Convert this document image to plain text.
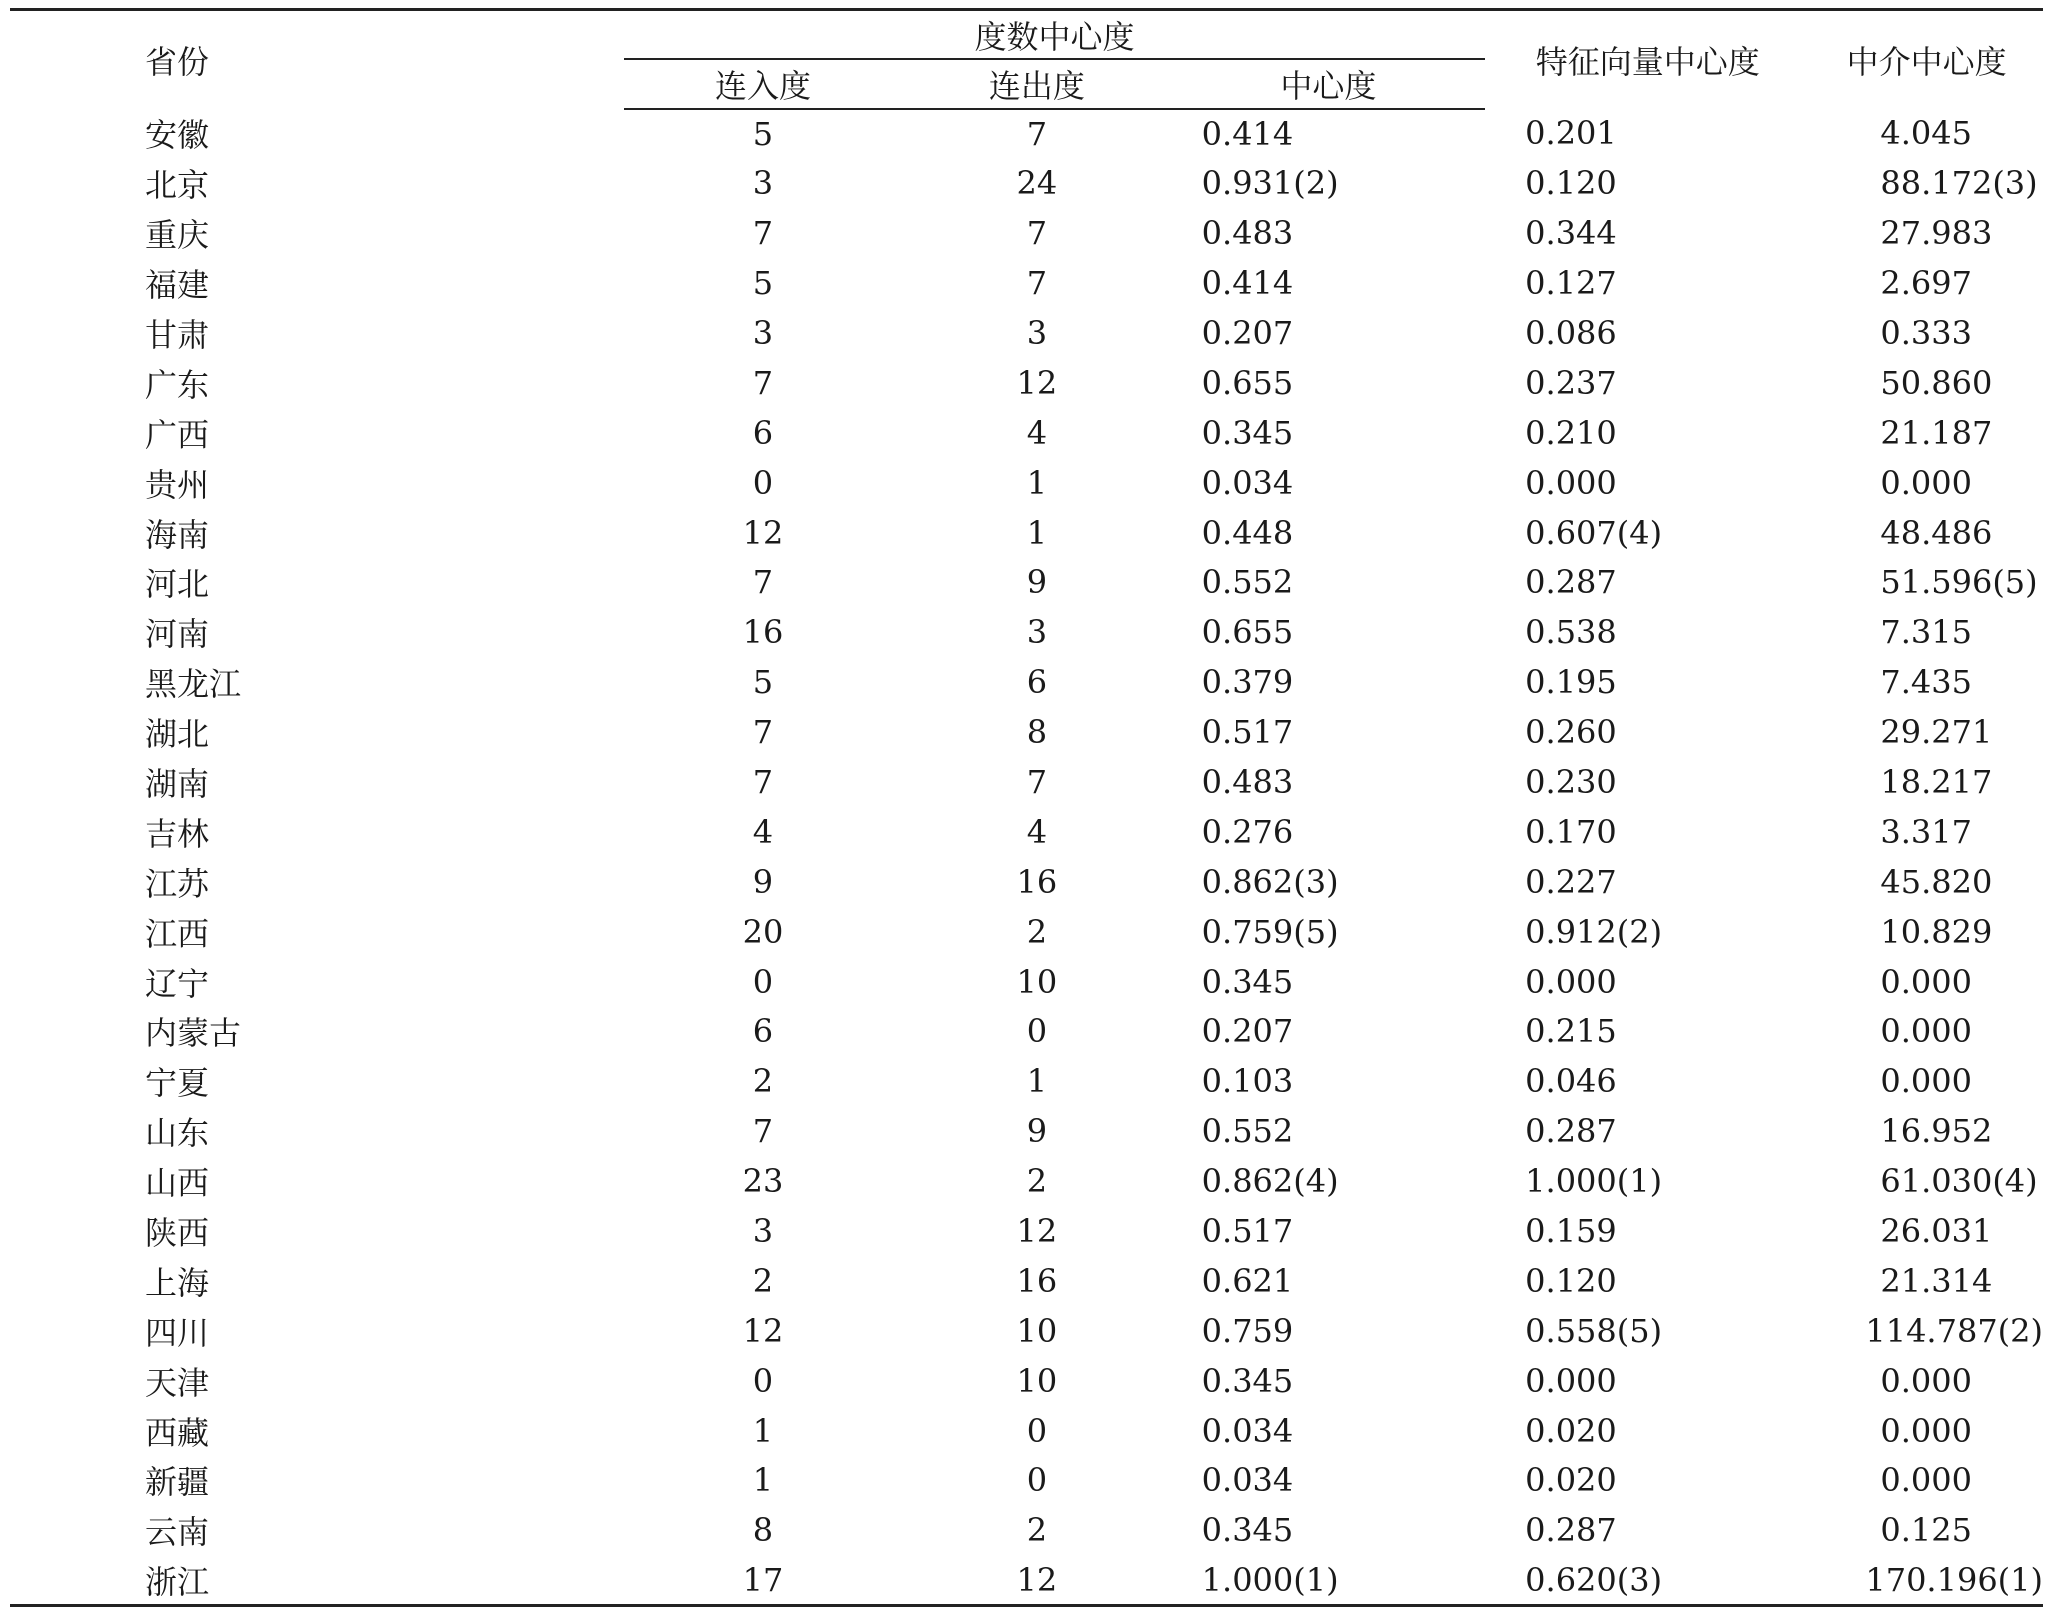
省份	度数中心度			特征向量中心度	中介中心度
	连入度	连出度	中心度		
安徽	5	7	0.414	0.201	4.045
北京	3	24	0.931(2)	0.120	88.172(3)
重庆	7	7	0.483	0.344	27.983
福建	5	7	0.414	0.127	2.697
甘肃	3	3	0.207	0.086	0.333
广东	7	12	0.655	0.237	50.860
广西	6	4	0.345	0.210	21.187
贵州	0	1	0.034	0.000	0.000
海南	12	1	0.448	0.607(4)	48.486
河北	7	9	0.552	0.287	51.596(5)
河南	16	3	0.655	0.538	7.315
黑龙江	5	6	0.379	0.195	7.435
湖北	7	8	0.517	0.260	29.271
湖南	7	7	0.483	0.230	18.217
吉林	4	4	0.276	0.170	3.317
江苏	9	16	0.862(3)	0.227	45.820
江西	20	2	0.759(5)	0.912(2)	10.829
辽宁	0	10	0.345	0.000	0.000
内蒙古	6	0	0.207	0.215	0.000
宁夏	2	1	0.103	0.046	0.000
山东	7	9	0.552	0.287	16.952
山西	23	2	0.862(4)	1.000(1)	61.030(4)
陕西	3	12	0.517	0.159	26.031
上海	2	16	0.621	0.120	21.314
四川	12	10	0.759	0.558(5)	114.787(2)
天津	0	10	0.345	0.000	0.000
西藏	1	0	0.034	0.020	0.000
新疆	1	0	0.034	0.020	0.000
云南	8	2	0.345	0.287	0.125
浙江	17	12	1.000(1)	0.620(3)	170.196(1)
